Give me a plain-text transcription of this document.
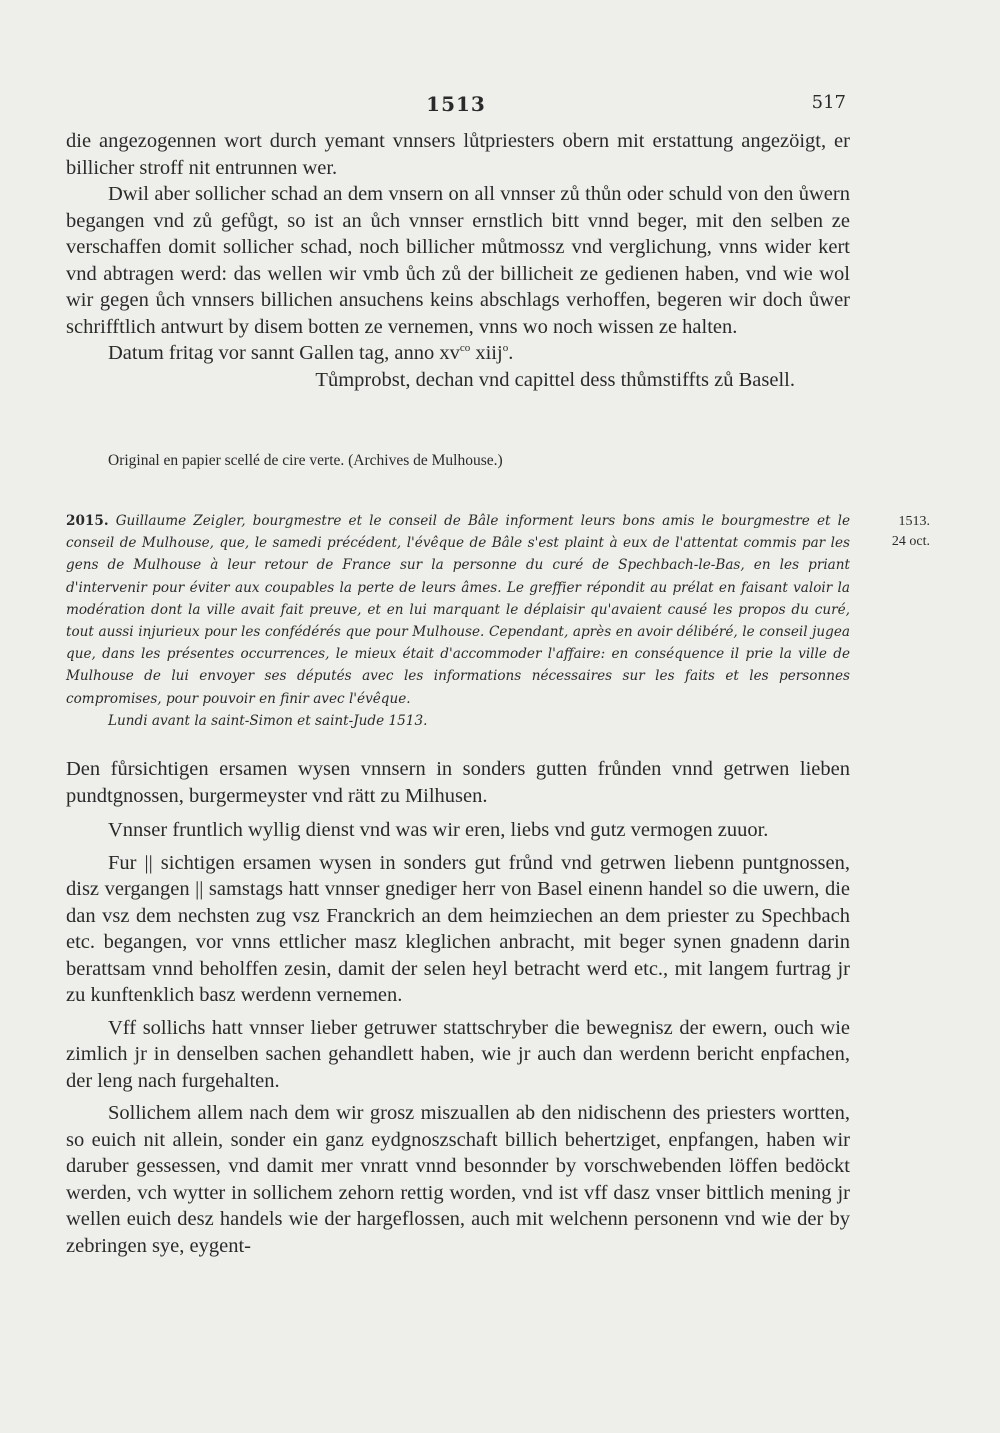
1513	517

die angezogennen wort durch yemant vnnsers lůtpriesters obern mit erstattung angezöigt, er billicher stroff nit entrunnen wer.

Dwil aber sollicher schad an dem vnsern on all vnnser zů thůn oder schuld von den ůwern begangen vnd zů gefůgt, so ist an ůch vnnser ernstlich bitt vnnd beger, mit den selben ze verschaffen domit sollicher schad, noch billicher můtmossz vnd verglichung, vnns wider kert vnd abtragen werd: das wellen wir vmb ůch zů der billicheit ze gedienen haben, vnd wie wol wir gegen ůch vnnsers billichen ansuchens keins abschlags verhoffen, begeren wir doch ůwer schrifftlich antwurt by disem botten ze vernemen, vnns wo noch wissen ze halten.

Datum fritag vor sannt Gallen tag, anno $xv^{co}$ xiij$^o$.

Tůmprobst, dechan vnd capittel dess thůmstiffts zů Basell.

Original en papier scellé de cire verte. (Archives de Mulhouse.)

2015. Guillaume Zeigler, bourgmestre et le conseil de Bâle informent leurs bons amis le bourgmestre et le conseil de Mulhouse, que, le samedi précédent, l'évêque de Bâle s'est plaint à eux de l'attentat commis par les gens de Mulhouse à leur retour de France sur la personne du curé de Spechbach-le-Bas, en les priant d'intervenir pour éviter aux coupables la perte de leurs âmes. Le greffier répondit au prélat en faisant valoir la modération dont la ville avait fait preuve, et en lui marquant le déplaisir qu'avaient causé les propos du curé, tout aussi injurieux pour les confédérés que pour Mulhouse. Cependant, après en avoir délibéré, le conseil jugea que, dans les présentes occurrences, le mieux était d'accommoder l'affaire: en conséquence il prie la ville de Mulhouse de lui envoyer ses députés avec les informations nécessaires sur les faits et les personnes compromises, pour pouvoir en finir avec l'évêque.

Lundi avant la saint-Simon et saint-Jude 1513.

1513.
24 oct.

Den fůrsichtigen ersamen wysen vnnsern in sonders gutten frůnden vnnd getrwen lieben pundtgnossen, burgermeyster vnd rätt zu Milhusen.

Vnnser fruntlich wyllig dienst vnd was wir eren, liebs vnd gutz vermogen zuuor.

Fur || sichtigen ersamen wysen in sonders gut frůnd vnd getrwen liebenn puntgnossen, disz vergangen || samstags hatt vnnser gnediger herr von Basel einenn handel so die uwern, die dan vsz dem nechsten zug vsz Franckrich an dem heimziechen an dem priester zu Spechbach etc. begangen, vor vnns ettlicher masz kleglichen anbracht, mit beger synen gnadenn darin berattsam vnnd beholffen zesin, damit der selen heyl betracht werd etc., mit langem furtrag jr zu kunftenklich basz werdenn vernemen.

Vff sollichs hatt vnnser lieber getruwer stattschryber die bewegnisz der ewern, ouch wie zimlich jr in denselben sachen gehandlett haben, wie jr auch dan werdenn bericht enpfachen, der leng nach furgehalten.

Sollichem allem nach dem wir grosz miszuallen ab den nidischenn des priesters wortten, so euich nit allein, sonder ein ganz eydgnoszschaft billich behertziget, enpfangen, haben wir daruber gessessen, vnd damit mer vnratt vnnd besonnder by vorschwebenden löffen bedöckt werden, vch wytter in sollichem zehorn rettig worden, vnd ist vff dasz vnser bittlich mening jr wellen euich desz handels wie der hargeflossen, auch mit welchenn personenn vnd wie der by zebringen sye, eygent-
